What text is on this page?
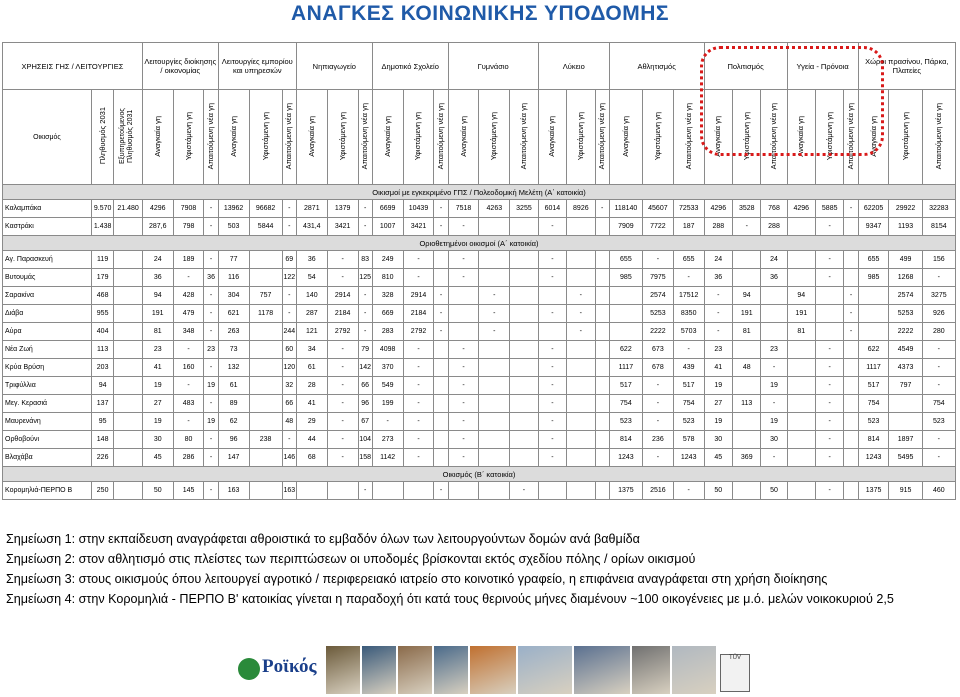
ΑΝΑΓΚΕΣ ΚΟΙΝΩΝΙΚΗΣ ΥΠΟΔΟΜΗΣ
ΧΡΗΣΕΙΣ ΓΗΣ / ΛΕΙΤΟΥΡΓΙΕΣ			Λειτουργίες διοίκησης / οικονομίας			Λειτουργίες εμπορίου και υπηρεσιών			Νηπιαγωγείο			Δημοτικό Σχολείο			Γυμνάσιο			Λύκειο			Αθλητισμός			Πολιτισμός			Υγεία - Πρόνοια			Χώροι πρασίνου, Πάρκα, Πλατείες		
Οικισμός	Πληθυσμός 2031	Εξυπηρετούμενος Πληθυσμός 2031	Αναγκαία γη	Υφιστάμενη γη	Απαιτούμενη νέα γη	Αναγκαία γη	Υφιστάμενη γη	Απαιτούμενη νέα γη	Αναγκαία γη	Υφιστάμενη γη	Απαιτούμενη νέα γη	Αναγκαία γη	Υφιστάμενη γη	Απαιτούμενη νέα γη	Αναγκαία γη	Υφιστάμενη γη	Απαιτούμενη νέα γη	Αναγκαία γη	Υφιστάμενη γη	Απαιτούμενη νέα γη	Αναγκαία γη	Υφιστάμενη γη	Απαιτούμενη νέα γη	Αναγκαία γη	Υφιστάμενη γη	Απαιτούμενη νέα γη	Αναγκαία γη	Υφιστάμενη γη	Απαιτούμενη νέα γη	Αναγκαία γη	Υφιστάμενη γη	Απαιτούμενη νέα γη
Οικισμοί με εγκεκριμένο ΓΠΣ / Πολεοδομική Μελέτη (Α΄ κατοικία)																																
Καλαμπάκα	9.570	21.480	4296	7908	-	13962	96682	-	2871	1379	-	6699	10439	-	7518	4263	3255	6014	8926	-	118140	45607	72533	4296	3528	768	4296	5885	-	62205	29922	32283
Καστράκι	1.438		287,6	798	-	503	5844	-	431,4	3421	-	1007	3421	-	-			-			7909	7722	187	288	-	288		-		9347	1193	8154
Οριοθετημένοι οικισμοί (Α΄ κατοικία)																																
Αγ. Παρασκευή	119		24	189	-	77		69	36	-	83	249	-		-			-			655	-	655	24		24		-		655	499	156
Βυτουμάς	179		36	-	36	116		122	54	-	125	810	-		-			-			985	7975	-	36		36		-		985	1268	-
Σαρακίνα	468		94	428	-	304	757	-	140	2914	-	328	2914	-		-			-			2574	17512	-	94		94		-		2574	3275
Διάβα	955		191	479	-	621	1178	-	287	2184	-	669	2184	-		-		-	-			5253	8350	-	191		191		-		5253	926
Αύρα	404		81	348	-	263		244	121	2792	-	283	2792	-		-			-			2222	5703	-	81		81		-		2222	280
Νέα Ζωή	113		23	-	23	73		60	34	-	79	4098	-		-			-			622	673	-	23		23		-		622	4549	-
Κρύα Βρύση	203		41	160	-	132		120	61	-	142	370	-		-			-			1117	678	439	41	48	-		-		1117	4373	-
Τριφύλλια	94		19	-	19	61		32	28	-	66	549	-		-			-			517	-	517	19		19		-		517	797	-
Μεγ. Κερασιά	137		27	483	-	89		66	41	-	96	199	-		-			-			754	-	754	27	113	-		-		754		754
Μαυρενάνη	95		19	-	19	62		48	29	-	67	-	-		-			-			523	-	523	19		19		-		523		523
Ορθοβούνι	148		30	80	-	96	238	-	44	-	104	273	-		-			-			814	236	578	30		30		-		814	1897	-
Βλαχάβα	226		45	286	-	147		146	68	-	158	1142	-		-			-			1243	-	1243	45	369	-		-		1243	5495	-
Οικισμός (Β΄ κατοικία)																																
Κορομηλιά-ΠΕΡΠΟ Β	250		50	145	-	163		163			-			-			-				1375	2516	-	50		50		-		1375	915	460
Σημείωση 1: στην εκπαίδευση αναγράφεται αθροιστικά το εμβαδόν όλων των λειτουργούντων δομών ανά βαθμίδα
Σημείωση 2: στον αθλητισμό στις πλείστες των περιπτώσεων οι υποδομές βρίσκονται εκτός σχεδίου πόλης / ορίων οικισμού
Σημείωση 3: στους οικισμούς όπου λειτουργεί αγροτικό / περιφερειακό ιατρείο στο κοινοτικό γραφείο, η επιφάνεια αναγράφεται στη χρήση διοίκησης
Σημείωση 4: στην Κορομηλιά - ΠΕΡΠΟ Β' κατοικίας γίνεται η παραδοχή ότι κατά τους θερινούς μήνες διαμένουν ~100 οικογένειες με μ.ό. μελών νοικοκυριού 2,5
Ροϊκός	TÜV
